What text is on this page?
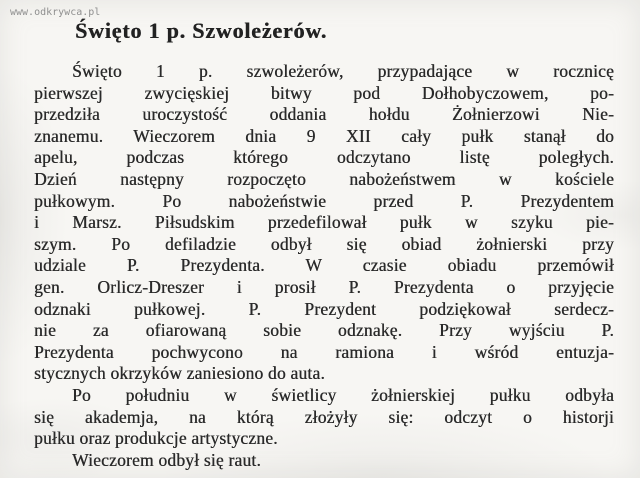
www.odkrywca.pl
Święto 1 p. Szwoleżerów.
Święto 1 p. szwoleżerów, przypadające w rocznicę
pierwszej zwycięskiej bitwy pod Dołhobyczowem, po-
przedziła uroczystość oddania hołdu Żołnierzowi Nie-
znanemu. Wieczorem dnia 9 XII cały pułk stanął do
apelu, podczas którego odczytano listę poległych.
Dzień następny rozpoczęto nabożeństwem w kościele
pułkowym. Po nabożeństwie przed P. Prezydentem
i Marsz. Piłsudskim przedefilował pułk w szyku pie-
szym. Po defiladzie odbył się obiad żołnierski przy
udziale P. Prezydenta. W czasie obiadu przemówił
gen. Orlicz-Dreszer i prosił P. Prezydenta o przyjęcie
odznaki pułkowej. P. Prezydent podziękował serdecz-
nie za ofiarowaną sobie odznakę. Przy wyjściu P.
Prezydenta pochwycono na ramiona i wśród entuzja-
stycznych okrzyków zaniesiono do auta.
Po południu w świetlicy żołnierskiej pułku odbyła
się akademja, na którą złożyły się: odczyt o historji
pułku oraz produkcje artystyczne.
Wieczorem odbył się raut.
